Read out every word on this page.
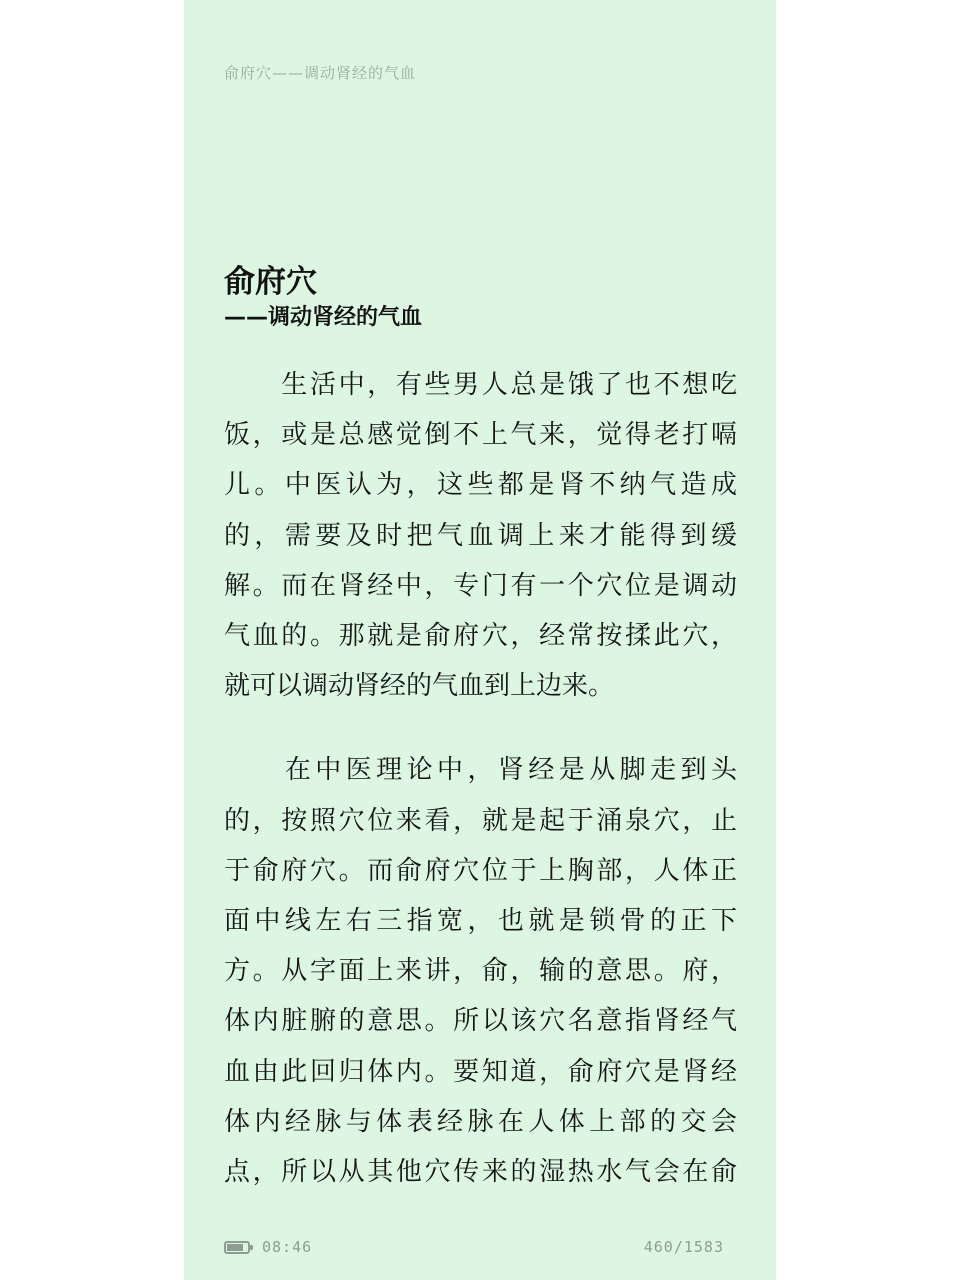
俞府穴——调动肾经的气血
俞府穴
——调动肾经的气血

　　生活中，有些男人总是饿了也不想吃
饭，或是总感觉倒不上气来，觉得老打嗝
儿。中医认为，这些都是肾不纳气造成
的，需要及时把气血调上来才能得到缓
解。而在肾经中，专门有一个穴位是调动
气血的。那就是俞府穴，经常按揉此穴，
就可以调动肾经的气血到上边来。

　　在中医理论中，肾经是从脚走到头
的，按照穴位来看，就是起于涌泉穴，止
于俞府穴。而俞府穴位于上胸部，人体正
面中线左右三指宽，也就是锁骨的正下
方。从字面上来讲，俞，输的意思。府，
体内脏腑的意思。所以该穴名意指肾经气
血由此回归体内。要知道，俞府穴是肾经
体内经脉与体表经脉在人体上部的交会
点，所以从其他穴传来的湿热水气会在俞

08:46	460/1583
